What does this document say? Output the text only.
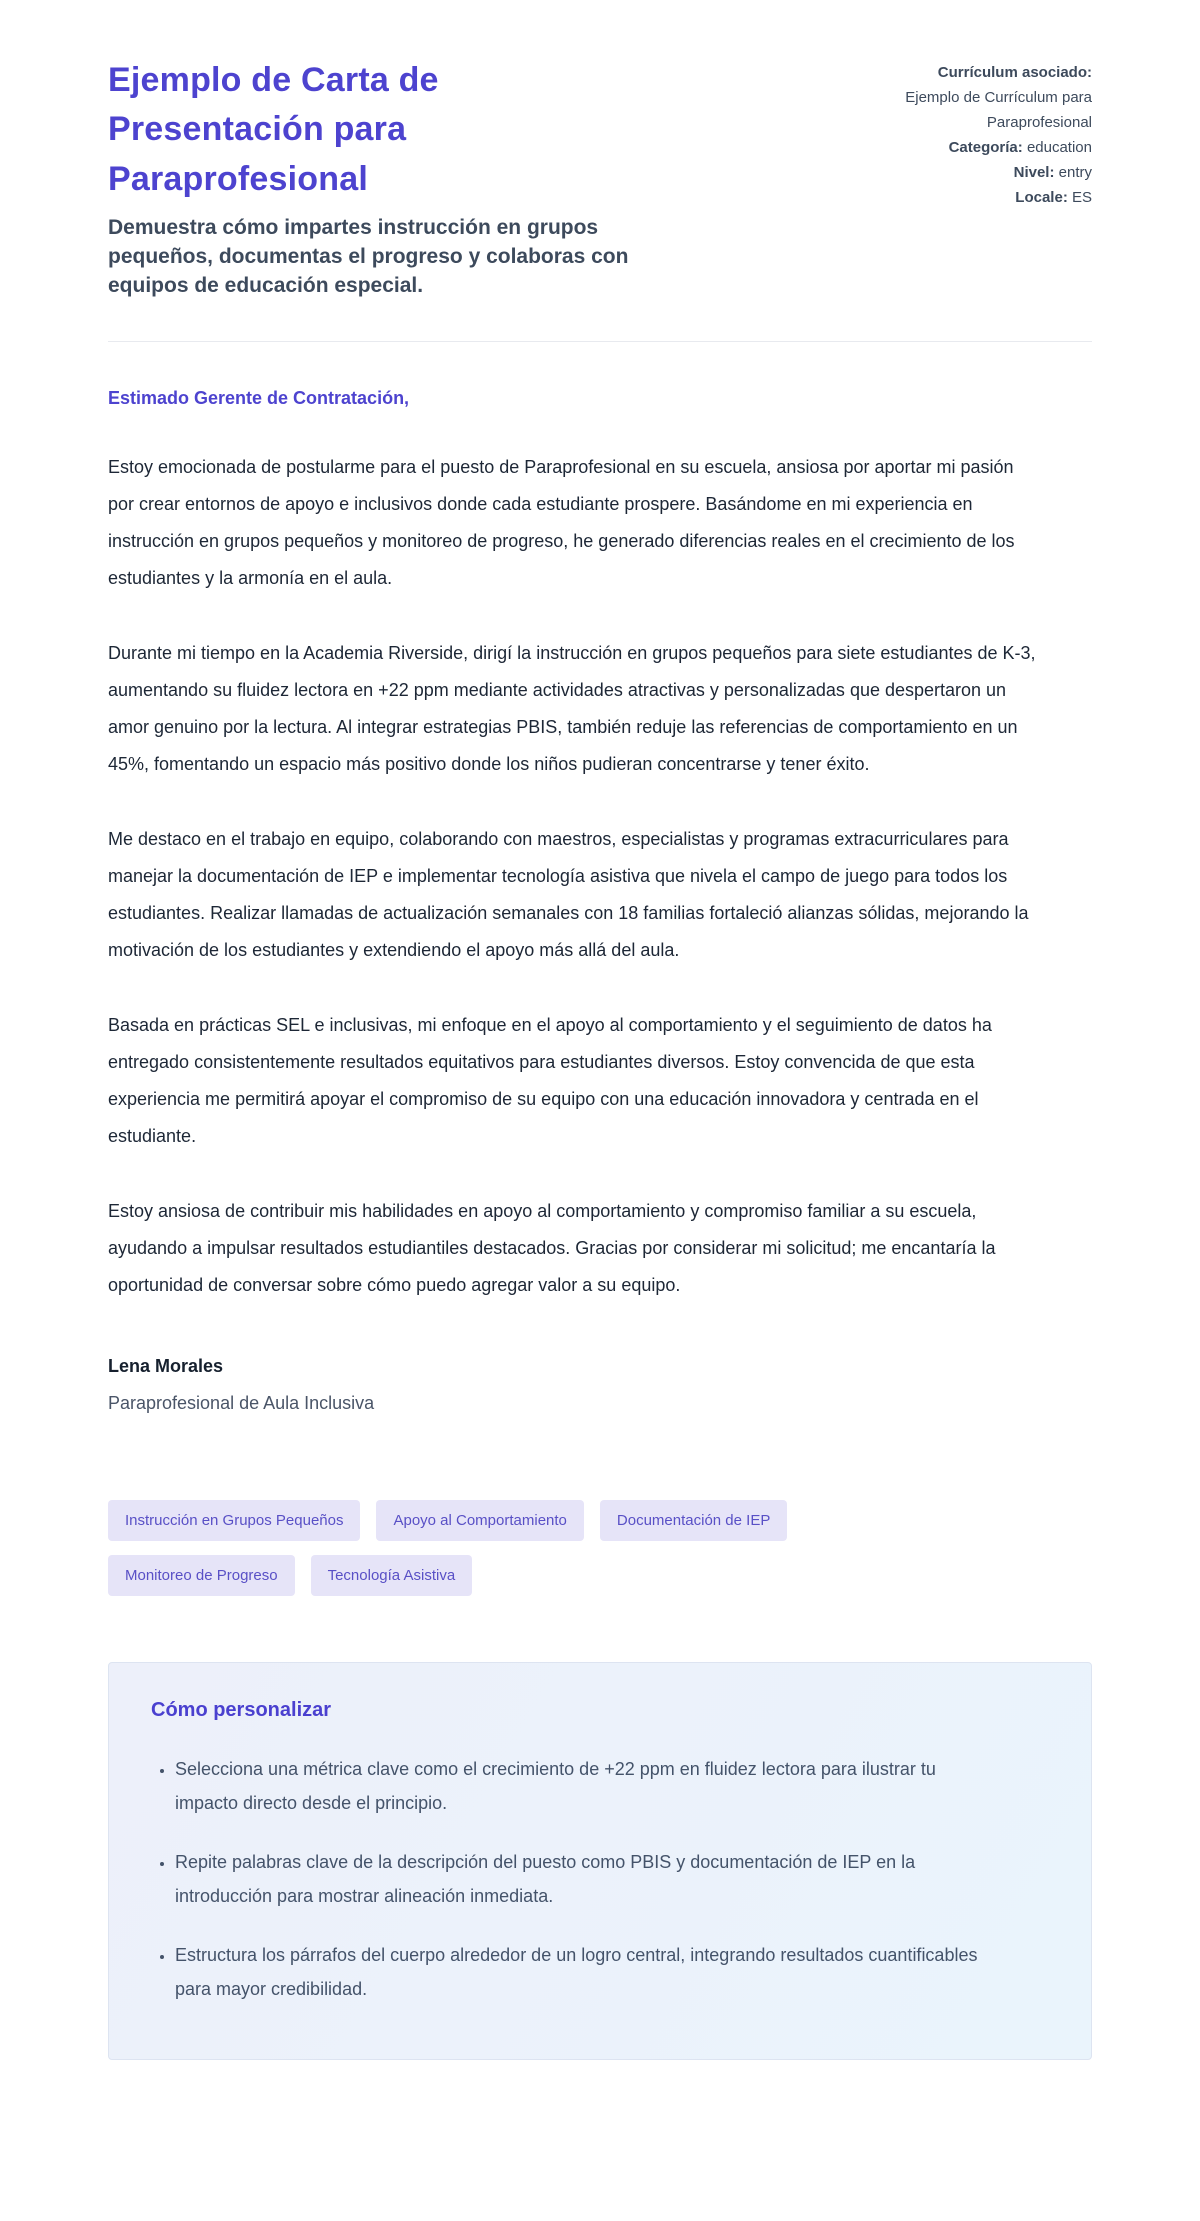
Ejemplo de Carta de Presentación para Paraprofesional

Demuestra cómo impartes instrucción en grupos pequeños, documentas el progreso y colaboras con equipos de educación especial.

Currículum asociado:
Ejemplo de Currículum para Paraprofesional
Categoría: education
Nivel: entry
Locale: ES

Estimado Gerente de Contratación,

Estoy emocionada de postularme para el puesto de Paraprofesional en su escuela, ansiosa por aportar mi pasión por crear entornos de apoyo e inclusivos donde cada estudiante prospere. Basándome en mi experiencia en instrucción en grupos pequeños y monitoreo de progreso, he generado diferencias reales en el crecimiento de los estudiantes y la armonía en el aula.

Durante mi tiempo en la Academia Riverside, dirigí la instrucción en grupos pequeños para siete estudiantes de K-3, aumentando su fluidez lectora en +22 ppm mediante actividades atractivas y personalizadas que despertaron un amor genuino por la lectura. Al integrar estrategias PBIS, también reduje las referencias de comportamiento en un 45%, fomentando un espacio más positivo donde los niños pudieran concentrarse y tener éxito.

Me destaco en el trabajo en equipo, colaborando con maestros, especialistas y programas extracurriculares para manejar la documentación de IEP e implementar tecnología asistiva que nivela el campo de juego para todos los estudiantes. Realizar llamadas de actualización semanales con 18 familias fortaleció alianzas sólidas, mejorando la motivación de los estudiantes y extendiendo el apoyo más allá del aula.

Basada en prácticas SEL e inclusivas, mi enfoque en el apoyo al comportamiento y el seguimiento de datos ha entregado consistentemente resultados equitativos para estudiantes diversos. Estoy convencida de que esta experiencia me permitirá apoyar el compromiso de su equipo con una educación innovadora y centrada en el estudiante.

Estoy ansiosa de contribuir mis habilidades en apoyo al comportamiento y compromiso familiar a su escuela, ayudando a impulsar resultados estudiantiles destacados. Gracias por considerar mi solicitud; me encantaría la oportunidad de conversar sobre cómo puedo agregar valor a su equipo.

Lena Morales
Paraprofesional de Aula Inclusiva
Instrucción en Grupos Pequeños	Apoyo al Comportamiento	Documentación de IEP
Monitoreo de Progreso	Tecnología Asistiva
Cómo personalizar
• Selecciona una métrica clave como el crecimiento de +22 ppm en fluidez lectora para ilustrar tu impacto directo desde el principio.
• Repite palabras clave de la descripción del puesto como PBIS y documentación de IEP en la introducción para mostrar alineación inmediata.
• Estructura los párrafos del cuerpo alrededor de un logro central, integrando resultados cuantificables para mayor credibilidad.
